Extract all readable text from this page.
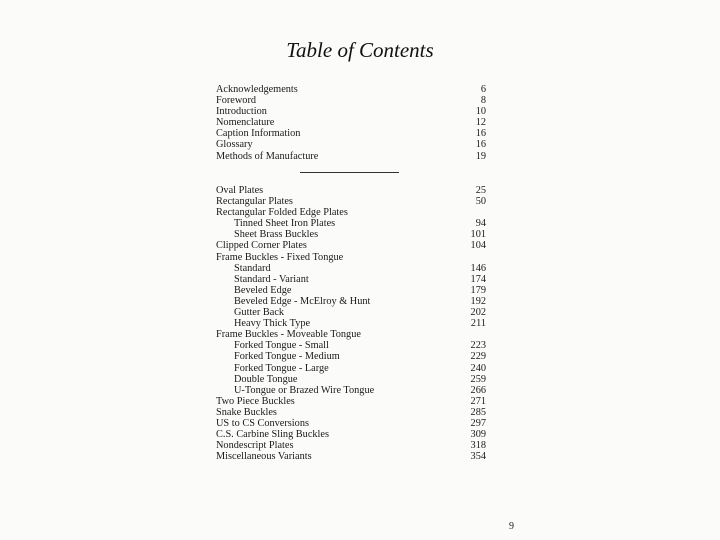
Table of Contents
Acknowledgements	6
Foreword	8
Introduction	10
Nomenclature	12
Caption Information	16
Glossary	16
Methods of Manufacture	19
Oval Plates	25
Rectangular Plates	50
Rectangular Folded Edge Plates
Tinned Sheet Iron Plates	94
Sheet Brass Buckles	101
Clipped Corner Plates	104
Frame Buckles - Fixed Tongue
Standard	146
Standard - Variant	174
Beveled Edge	179
Beveled Edge - McElroy & Hunt	192
Gutter Back	202
Heavy Thick Type	211
Frame Buckles - Moveable Tongue
Forked Tongue - Small	223
Forked Tongue - Medium	229
Forked Tongue - Large	240
Double Tongue	259
U-Tongue or Brazed Wire Tongue	266
Two Piece Buckles	271
Snake Buckles	285
US to CS Conversions	297
C.S. Carbine Sling Buckles	309
Nondescript Plates	318
Miscellaneous Variants	354
9
